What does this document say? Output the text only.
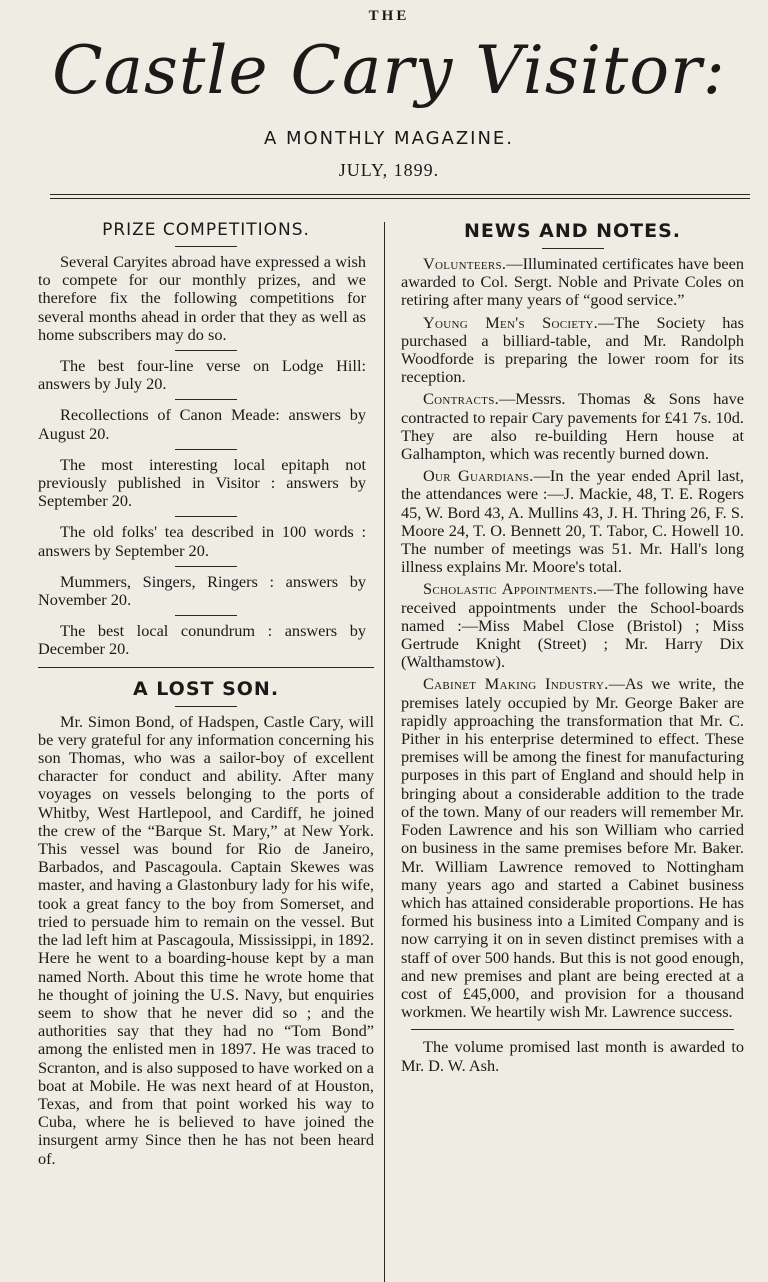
THE
Castle Cary Visitor:
A MONTHLY MAGAZINE.
JULY, 1899.
PRIZE COMPETITIONS.

Several Caryites abroad have expressed a wish to compete for our monthly prizes, and we therefore fix the following competitions for several months ahead in order that they as well as home subscribers may do so.

The best four-line verse on Lodge Hill: answers by July 20.

Recollections of Canon Meade: answers by August 20.

The most interesting local epitaph not previously published in Visitor : answers by September 20.

The old folks' tea described in 100 words : answers by September 20.

Mummers, Singers, Ringers : answers by November 20.

The best local conundrum : answers by December 20.

A LOST SON.

Mr. Simon Bond, of Hadspen, Castle Cary, will be very grateful for any information concerning his son Thomas, who was a sailor-boy of excellent character for conduct and ability. After many voyages on vessels belonging to the ports of Whitby, West Hartlepool, and Cardiff, he joined the crew of the “Barque St. Mary,” at New York. This vessel was bound for Rio de Janeiro, Barbados, and Pascagoula. Captain Skewes was master, and having a Glastonbury lady for his wife, took a great fancy to the boy from Somerset, and tried to persuade him to remain on the vessel. But the lad left him at Pascagoula, Mississippi, in 1892. Here he went to a boarding-house kept by a man named North. About this time he wrote home that he thought of joining the U.S. Navy, but enquiries seem to show that he never did so ; and the authorities say that they had no “Tom Bond” among the enlisted men in 1897. He was traced to Scranton, and is also supposed to have worked on a boat at Mobile. He was next heard of at Houston, Texas, and from that point worked his way to Cuba, where he is believed to have joined the insurgent army Since then he has not been heard of.

NEWS AND NOTES.

Volunteers.—Illuminated certificates have been awarded to Col. Sergt. Noble and Private Coles on retiring after many years of “good service.”

Young Men's Society.—The Society has purchased a billiard-table, and Mr. Randolph Woodforde is preparing the lower room for its reception.

Contracts.—Messrs. Thomas & Sons have contracted to repair Cary pavements for £41 7s. 10d. They are also re-building Hern house at Galhampton, which was recently burned down.

Our Guardians.—In the year ended April last, the attendances were :—J. Mackie, 48, T. E. Rogers 45, W. Bord 43, A. Mullins 43, J. H. Thring 26, F. S. Moore 24, T. O. Bennett 20, T. Tabor, C. Howell 10. The number of meetings was 51. Mr. Hall's long illness explains Mr. Moore's total.

Scholastic Appointments.—The following have received appointments under the School-boards named :—Miss Mabel Close (Bristol) ; Miss Gertrude Knight (Street) ; Mr. Harry Dix (Walthamstow).

Cabinet Making Industry.—As we write, the premises lately occupied by Mr. George Baker are rapidly approaching the transformation that Mr. C. Pither in his enterprise determined to effect. These premises will be among the finest for manufacturing purposes in this part of England and should help in bringing about a considerable addition to the trade of the town. Many of our readers will remember Mr. Foden Lawrence and his son William who carried on business in the same premises before Mr. Baker. Mr. William Lawrence removed to Nottingham many years ago and started a Cabinet business which has attained considerable proportions. He has formed his business into a Limited Company and is now carrying it on in seven distinct premises with a staff of over 500 hands. But this is not good enough, and new premises and plant are being erected at a cost of £45,000, and provision for a thousand workmen. We heartily wish Mr. Lawrence success.

The volume promised last month is awarded to Mr. D. W. Ash.
